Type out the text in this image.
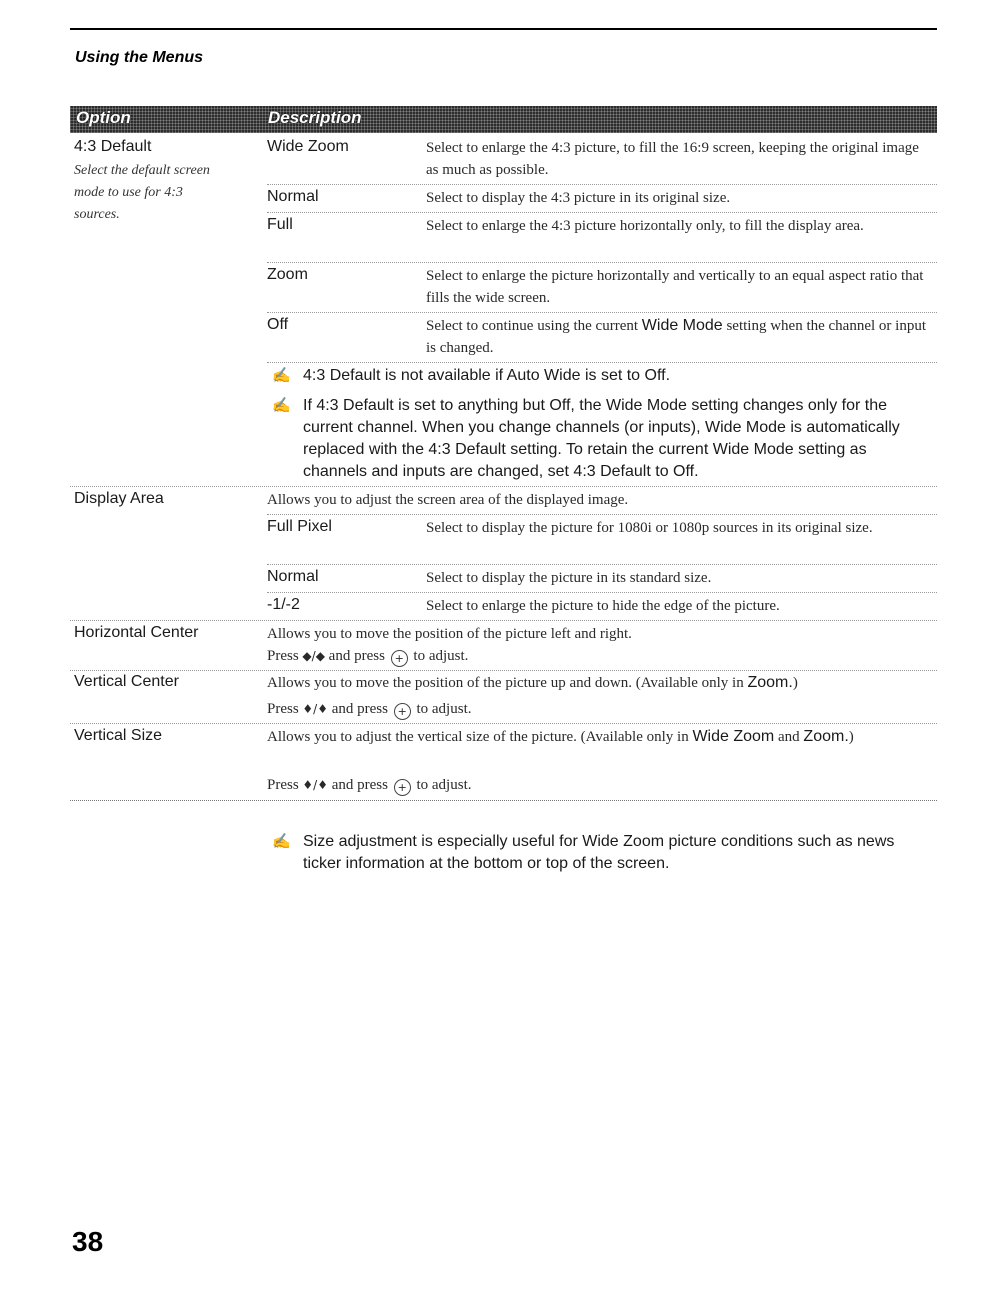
Using the Menus
Option	Description
4:3 Default
Select the default screen
mode to use for 4:3
sources.
Wide Zoom	Select to enlarge the 4:3 picture, to fill the 16:9 screen, keeping the original image as much as possible.
Normal	Select to display the 4:3 picture in its original size.
Full	Select to enlarge the 4:3 picture horizontally only, to fill the display area.
Zoom	Select to enlarge the picture horizontally and vertically to an equal aspect ratio that fills the wide screen.
Off	Select to continue using the current Wide Mode setting when the channel or input is changed.
✍ 4:3 Default is not available if Auto Wide is set to Off.
✍ If 4:3 Default is set to anything but Off, the Wide Mode setting changes only for the current channel. When you change channels (or inputs), Wide Mode is automatically replaced with the 4:3 Default setting. To retain the current Wide Mode setting as channels and inputs are changed, set 4:3 Default to Off.
Display Area	Allows you to adjust the screen area of the displayed image.
Full Pixel	Select to display the picture for 1080i or 1080p sources in its original size.
Normal	Select to display the picture in its standard size.
-1/-2	Select to enlarge the picture to hide the edge of the picture.
Horizontal Center	Allows you to move the position of the picture left and right.
Press ◆/◆ and press + to adjust.
Vertical Center	Allows you to move the position of the picture up and down. (Available only in Zoom.)
Press ♦/♦ and press + to adjust.
Vertical Size	Allows you to adjust the vertical size of the picture. (Available only in Wide Zoom and Zoom.)
Press ♦/♦ and press + to adjust.
✍ Size adjustment is especially useful for Wide Zoom picture conditions such as news ticker information at the bottom or top of the screen.
38
